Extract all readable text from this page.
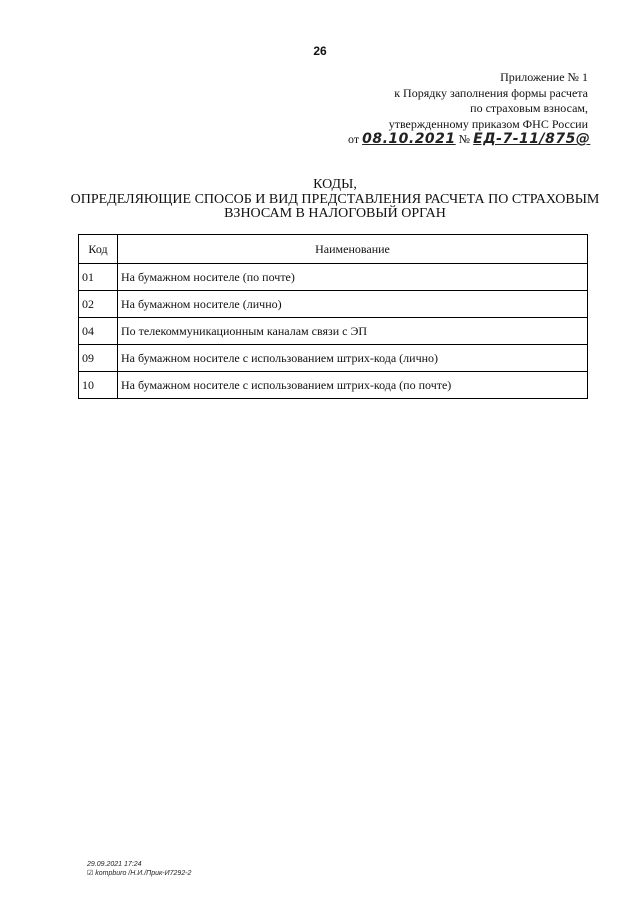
26
Приложение № 1
к Порядку заполнения формы расчета
по страховым взносам,
утвержденному приказом ФНС России
от 08.10.2021 № ЕД-7-11/875@
КОДЫ,
ОПРЕДЕЛЯЮЩИЕ СПОСОБ И ВИД ПРЕДСТАВЛЕНИЯ РАСЧЕТА ПО СТРАХОВЫМ
ВЗНОСАМ В НАЛОГОВЫЙ ОРГАН
Код	Наименование
01	На бумажном носителе (по почте)
02	На бумажном носителе (лично)
04	По телекоммуникационным каналам связи с ЭП
09	На бумажном носителе с использованием штрих-кода (лично)
10	На бумажном носителе с использованием штрих-кода (по почте)
29.09.2021 17:24
☑ kompburo /Н.И./Прик-И7292-2
